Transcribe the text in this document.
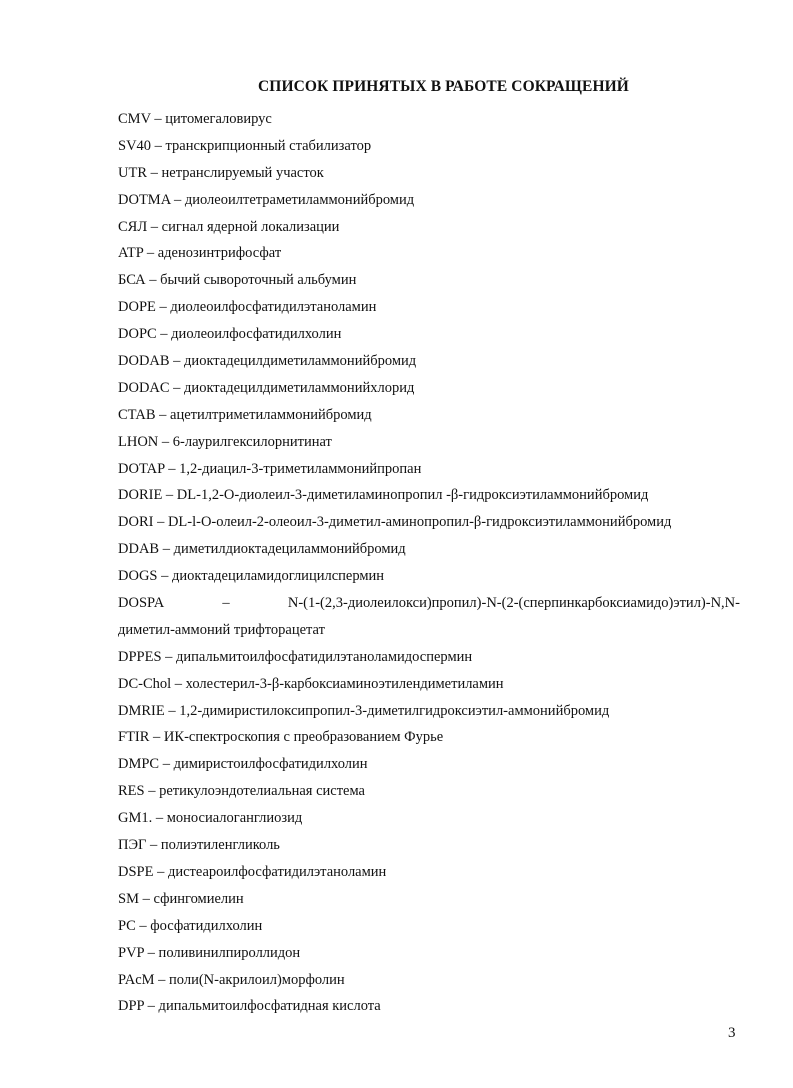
СПИСОК ПРИНЯТЫХ В РАБОТЕ СОКРАЩЕНИЙ
CMV – цитомегаловирус
SV40 – транскрипционный стабилизатор
UTR – нетранслируемый участок
DOTMA – диолеоилтетраметиламмонийбромид
СЯЛ – сигнал ядерной локализации
ATP – аденозинтрифосфат
БСА – бычий сывороточный альбумин
DOPE – диолеоилфосфатидилэтаноламин
DOPC – диолеоилфосфатидилхолин
DODAB – диоктадецилдиметиламмонийбромид
DODAC – диоктадецилдиметиламмонийхлорид
CTAB – ацетилтриметиламмонийбромид
LHON – 6-лаурилгексилорнитинат
DOTAP – 1,2-диацил-3-триметиламмонийпропан
DORIE – DL-1,2-O-диолеил-3-диметиламинопропил -β-гидроксиэтиламмонийбромид
DORI – DL-l-O-олеил-2-олеоил-3-диметил-аминопропил-β-гидроксиэтиламмонийбромид
DDAB – диметилдиоктадециламмонийбромид
DOGS – диоктадециламидоглицилспермин
DOSPA	–	N-(1-(2,3-диолеилокси)пропил)-N-(2-(сперпинкарбоксиамидо)этил)-N,N-
диметил-аммоний трифторацетат
DPPES – дипальмитоилфосфатидилэтаноламидоспермин
DC-Chol – холестерил-3-β-карбоксиаминоэтилендиметиламин
DMRIE – 1,2-димиристилоксипропил-3-диметилгидроксиэтил-аммонийбромид
FTIR – ИК-спектроскопия с преобразованием Фурье
DMPC – димиристоилфосфатидилхолин
RES – ретикулоэндотелиальная система
GM1. – моносиалоганглиозид
ПЭГ – полиэтиленгликоль
DSPE – дистеароилфосфатидилэтаноламин
SM – сфингомиелин
PC – фосфатидилхолин
PVP – поливинилпироллидон
PAcM – поли(N-акрилоил)морфолин
DPP – дипальмитоилфосфатидная кислота
3
